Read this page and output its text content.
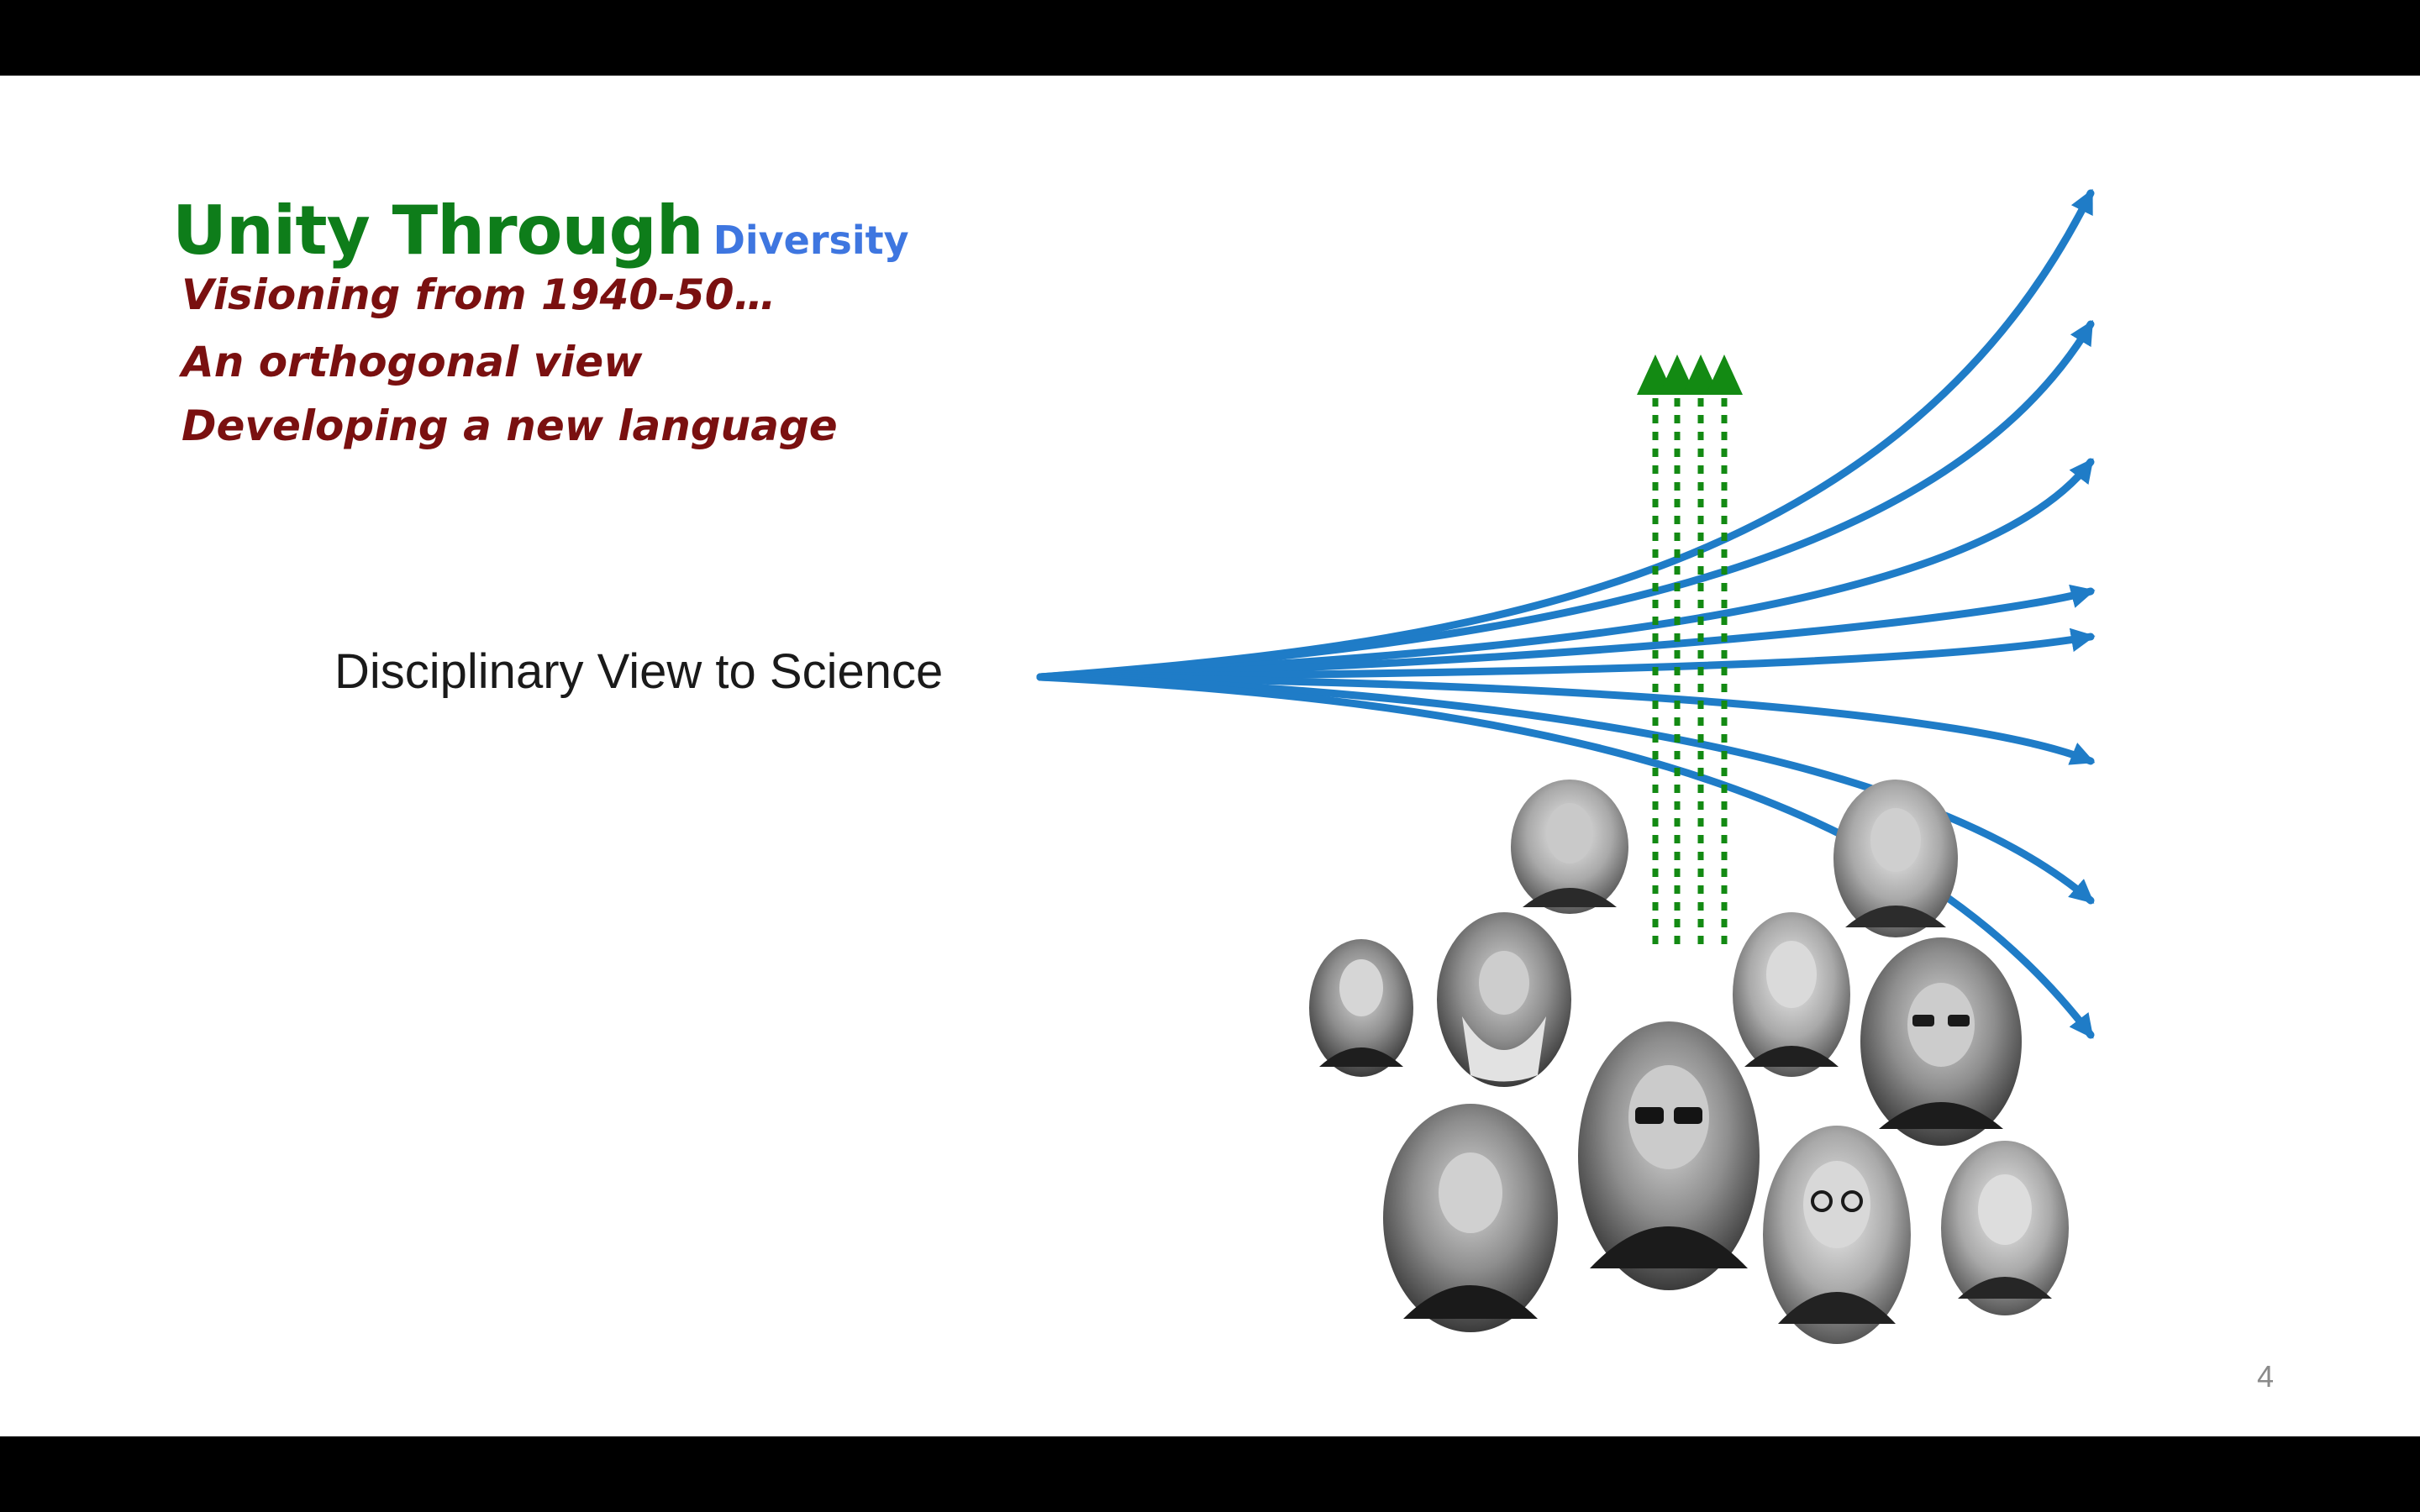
Unity Through Diversity
Visioning from 1940-50…
An orthogonal view
Developing a new language
Disciplinary View to Science
4
